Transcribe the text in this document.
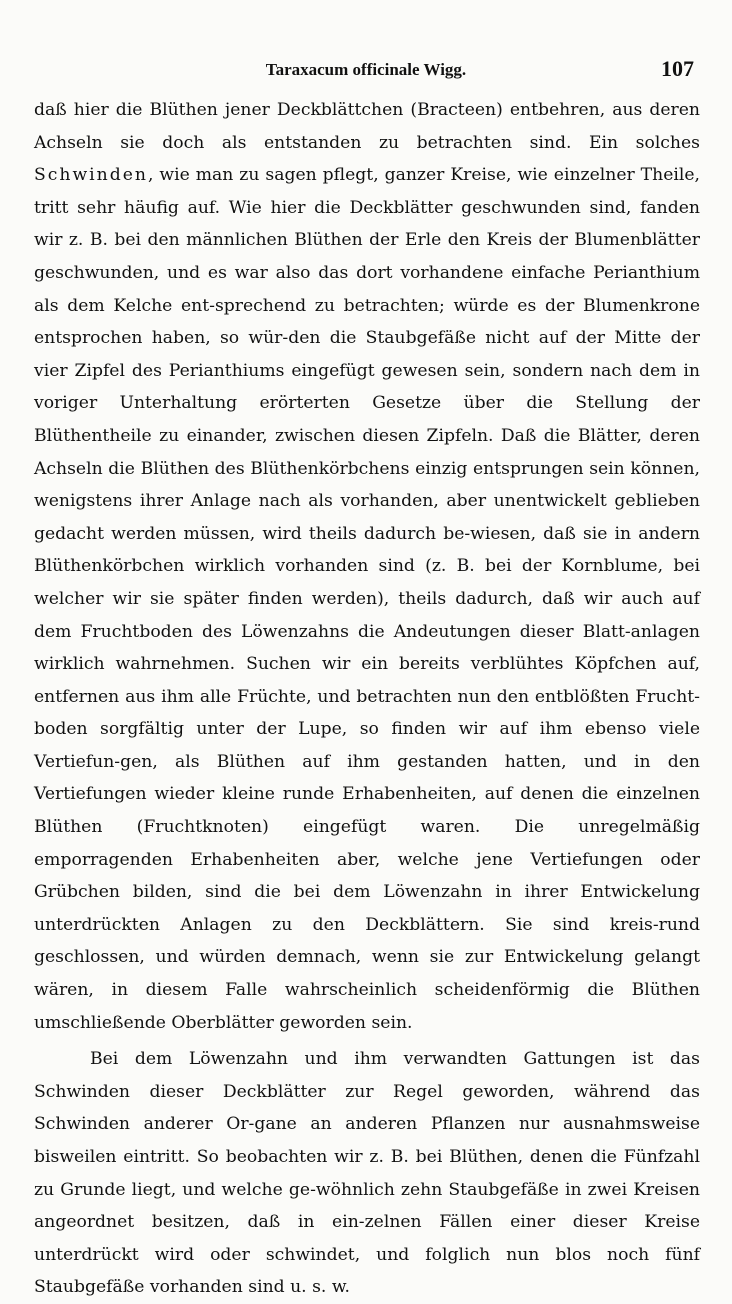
Taraxacum officinale Wigg.	107

daß hier die Blüthen jener Deckblättchen (Bracteen) entbehren, aus deren Achseln sie doch als entstanden zu betrachten sind. Ein solches Schwinden, wie man zu sagen pflegt, ganzer Kreise, wie einzelner Theile, tritt sehr häufig auf. Wie hier die Deckblätter geschwunden sind, fanden wir z. B. bei den männlichen Blüthen der Erle den Kreis der Blumenblätter geschwunden, und es war also das dort vorhandene einfache Perianthium als dem Kelche ent-sprechend zu betrachten; würde es der Blumenkrone entsprochen haben, so wür-den die Staubgefäße nicht auf der Mitte der vier Zipfel des Perianthiums eingefügt gewesen sein, sondern nach dem in voriger Unterhaltung erörterten Gesetze über die Stellung der Blüthentheile zu einander, zwischen diesen Zipfeln. Daß die Blätter, deren Achseln die Blüthen des Blüthenkörbchens einzig entsprungen sein können, wenigstens ihrer Anlage nach als vorhanden, aber unentwickelt geblieben gedacht werden müssen, wird theils dadurch be-wiesen, daß sie in andern Blüthenkörbchen wirklich vorhanden sind (z. B. bei der Kornblume, bei welcher wir sie später finden werden), theils dadurch, daß wir auch auf dem Fruchtboden des Löwenzahns die Andeutungen dieser Blatt-anlagen wirklich wahrnehmen. Suchen wir ein bereits verblühtes Köpfchen auf, entfernen aus ihm alle Früchte, und betrachten nun den entblößten Frucht-boden sorgfältig unter der Lupe, so finden wir auf ihm ebenso viele Vertiefun-gen, als Blüthen auf ihm gestanden hatten, und in den Vertiefungen wieder kleine runde Erhabenheiten, auf denen die einzelnen Blüthen (Fruchtknoten) eingefügt waren. Die unregelmäßig emporragenden Erhabenheiten aber, welche jene Vertiefungen oder Grübchen bilden, sind die bei dem Löwenzahn in ihrer Entwickelung unterdrückten Anlagen zu den Deckblättern. Sie sind kreis-rund geschlossen, und würden demnach, wenn sie zur Entwickelung gelangt wären, in diesem Falle wahrscheinlich scheidenförmig die Blüthen umschließende Oberblätter geworden sein.

Bei dem Löwenzahn und ihm verwandten Gattungen ist das Schwinden dieser Deckblätter zur Regel geworden, während das Schwinden anderer Or-gane an anderen Pflanzen nur ausnahmsweise bisweilen eintritt. So beobachten wir z. B. bei Blüthen, denen die Fünfzahl zu Grunde liegt, und welche ge-wöhnlich zehn Staubgefäße in zwei Kreisen angeordnet besitzen, daß in ein-zelnen Fällen einer dieser Kreise unterdrückt wird oder schwindet, und folglich nun blos noch fünf Staubgefäße vorhanden sind u. s. w.
